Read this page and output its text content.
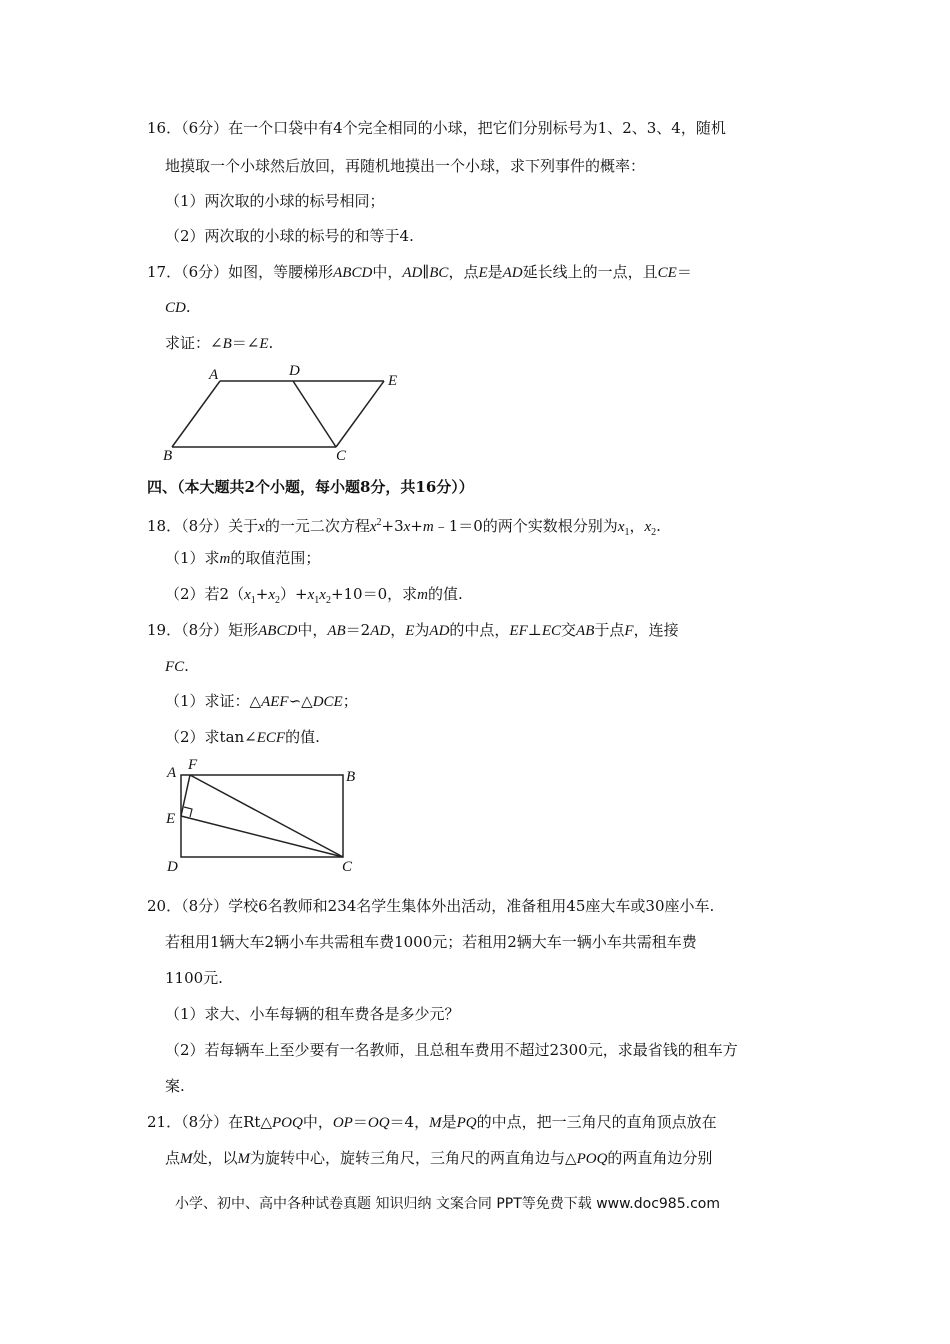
16．（6分）在一个口袋中有4个完全相同的小球，把它们分别标号为1、2、3、4，随机
地摸取一个小球然后放回，再随机地摸出一个小球，求下列事件的概率：
（1）两次取的小球的标号相同；
（2）两次取的小球的标号的和等于4.
17．（6分）如图，等腰梯形ABCD中，AD∥BC，点E是AD延长线上的一点，且CE＝
CD.
求证：∠B＝∠E.
A	D
E
B	C
四、（本大题共2个小题，每小题8分，共16分））
18．（8分）关于x的一元二次方程$x^2+3x+m﹣1=0$的两个实数根分别为$x_1$，$x_2$.
（1）求m的取值范围；
（2）若$2(x_1+x_2)+x_1x_2+10=0$，求m的值.
19．（8分）矩形ABCD中，AB＝2AD，E为AD的中点，EF⊥EC交AB于点F，连接
FC.
（1）求证：△AEF∽△DCE；
（2）求tan∠ECF的值.
A F
B
E
D	C
20．（8分）学校6名教师和234名学生集体外出活动，准备租用45座大车或30座小车.
若租用1辆大车2辆小车共需租车费1000元；若租用2辆大车一辆小车共需租车费
1100元.
（1）求大、小车每辆的租车费各是多少元？
（2）若每辆车上至少要有一名教师，且总租车费用不超过2300元，求最省钱的租车方
案.
21．（8分）在Rt△POQ中，OP＝OQ＝4，M是PQ的中点，把一三角尺的直角顶点放在
点M处，以M为旋转中心，旋转三角尺，三角尺的两直角边与△POQ的两直角边分别
小学、初中、高中各种试卷真题 知识归纳 文案合同 PPT等免费下载 www.doc985.com
